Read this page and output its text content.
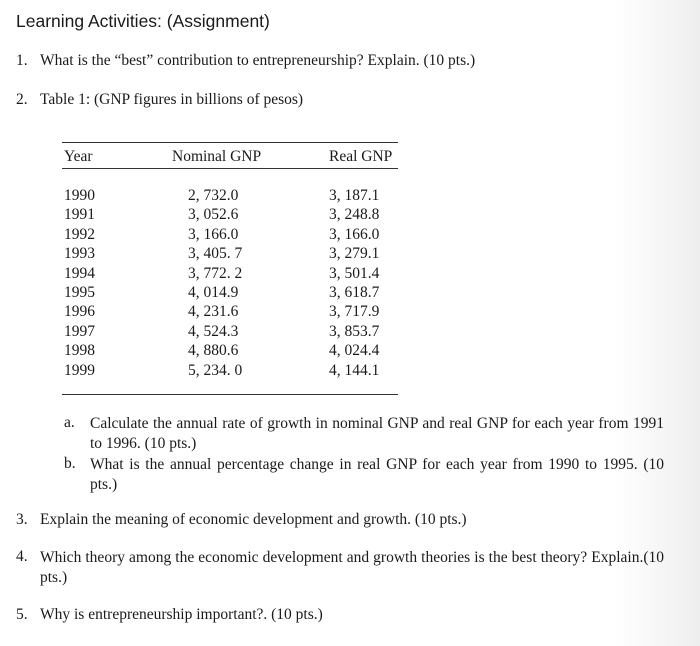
Learning Activities: (Assignment)
1. What is the “best” contribution to entrepreneurship? Explain. (10 pts.)
2. Table 1: (GNP figures in billions of pesos)
Year	Nominal GNP	Real GNP
1990
1991
1992
1993
1994
1995
1996
1997
1998
1999
2, 732.0
3, 052.6
3, 166.0
3, 405. 7
3, 772. 2
4, 014.9
4, 231.6
4, 524.3
4, 880.6
5, 234. 0
3, 187.1
3, 248.8
3, 166.0
3, 279.1
3, 501.4
3, 618.7
3, 717.9
3, 853.7
4, 024.4
4, 144.1
a. Calculate the annual rate of growth in nominal GNP and real GNP for each year from 1991 to 1996. (10 pts.)
b. What is the annual percentage change in real GNP for each year from 1990 to 1995. (10 pts.)
3. Explain the meaning of economic development and growth. (10 pts.)
4. Which theory among the economic development and growth theories is the best theory? Explain.(10 pts.)
5. Why is entrepreneurship important?. (10 pts.)
